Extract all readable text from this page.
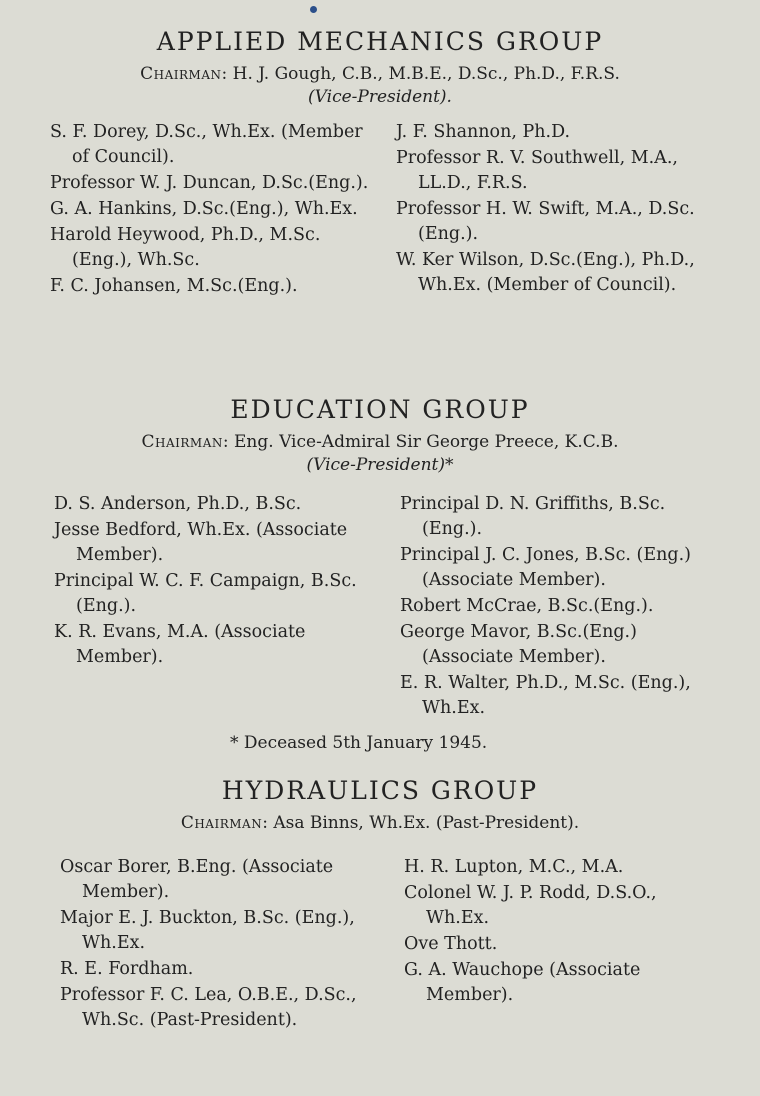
APPLIED MECHANICS GROUP
Chairman: H. J. Gough, C.B., M.B.E., D.Sc., Ph.D., F.R.S.
(Vice-President).
S. F. Dorey, D.Sc., Wh.Ex. (Member of Council).
Professor W. J. Duncan, D.Sc.(Eng.).
G. A. Hankins, D.Sc.(Eng.), Wh.Ex.
Harold Heywood, Ph.D., M.Sc.(Eng.), Wh.Sc.
F. C. Johansen, M.Sc.(Eng.).
J. F. Shannon, Ph.D.
Professor R. V. Southwell, M.A., LL.D., F.R.S.
Professor H. W. Swift, M.A., D.Sc.(Eng.).
W. Ker Wilson, D.Sc.(Eng.), Ph.D., Wh.Ex. (Member of Council).
EDUCATION GROUP
Chairman: Eng. Vice-Admiral Sir George Preece, K.C.B.
(Vice-President)*
D. S. Anderson, Ph.D., B.Sc.
Jesse Bedford, Wh.Ex. (Associate Member).
Principal W. C. F. Campaign, B.Sc.(Eng.).
K. R. Evans, M.A. (Associate Member).
Principal D. N. Griffiths, B.Sc.(Eng.).
Principal J. C. Jones, B.Sc. (Eng.) (Associate Member).
Robert McCrae, B.Sc.(Eng.).
George Mavor, B.Sc.(Eng.) (Associate Member).
E. R. Walter, Ph.D., M.Sc. (Eng.), Wh.Ex.
* Deceased 5th January 1945.
HYDRAULICS GROUP
Chairman: Asa Binns, Wh.Ex. (Past-President).
Oscar Borer, B.Eng. (Associate Member).
Major E. J. Buckton, B.Sc. (Eng.), Wh.Ex.
R. E. Fordham.
Professor F. C. Lea, O.B.E., D.Sc., Wh.Sc. (Past-President).
H. R. Lupton, M.C., M.A.
Colonel W. J. P. Rodd, D.S.O., Wh.Ex.
Ove Thott.
G. A. Wauchope (Associate Member).
